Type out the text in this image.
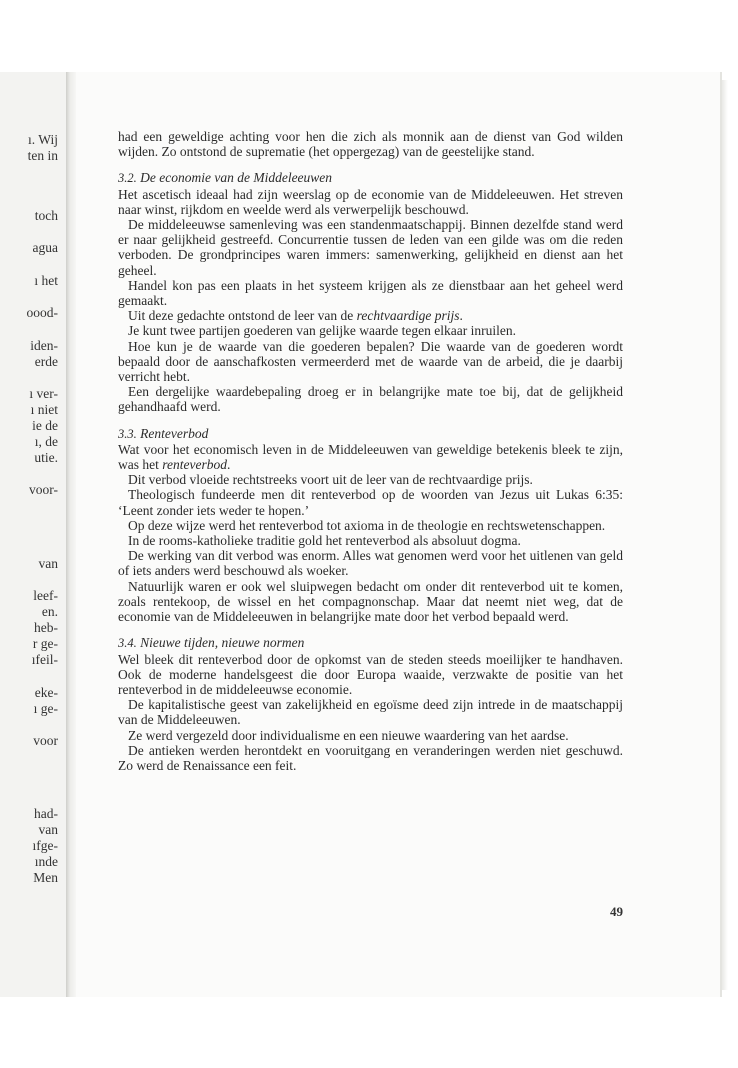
ı. Wij
ten in
toch
agua
ı het
oood-
iden-
erde
ı ver-
ı niet
ie de
ı, de
utie.
voor-
van
leef-
en.
heb-
r ge-
ıfeil-
eke-
ı ge-
voor
had-
van
ıfge-
ınde
Men

had een geweldige achting voor hen die zich als monnik aan de dienst van God wilden wijden. Zo ontstond de suprematie (het oppergezag) van de geestelijke stand.

3.2. De economie van de Middeleeuwen

Het ascetisch ideaal had zijn weerslag op de economie van de Middeleeuwen. Het streven naar winst, rijkdom en weelde werd als verwerpelijk beschouwd.

De middeleeuwse samenleving was een standenmaatschappij. Binnen dezelfde stand werd er naar gelijkheid gestreefd. Concurrentie tussen de leden van een gilde was om die reden verboden. De grondprincipes waren immers: samenwerking, gelijkheid en dienst aan het geheel.

Handel kon pas een plaats in het systeem krijgen als ze dienstbaar aan het geheel werd gemaakt.

Uit deze gedachte ontstond de leer van de rechtvaardige prijs.

Je kunt twee partijen goederen van gelijke waarde tegen elkaar inruilen.

Hoe kun je de waarde van die goederen bepalen? Die waarde van de goederen wordt bepaald door de aanschafkosten vermeerderd met de waarde van de arbeid, die je daarbij verricht hebt.

Een dergelijke waardebepaling droeg er in belangrijke mate toe bij, dat de gelijkheid gehandhaafd werd.

3.3. Renteverbod

Wat voor het economisch leven in de Middeleeuwen van geweldige betekenis bleek te zijn, was het renteverbod.

Dit verbod vloeide rechtstreeks voort uit de leer van de rechtvaardige prijs.

Theologisch fundeerde men dit renteverbod op de woorden van Jezus uit Lukas 6:35: ‘Leent zonder iets weder te hopen.’

Op deze wijze werd het renteverbod tot axioma in de theologie en rechtswetenschappen.

In de rooms-katholieke traditie gold het renteverbod als absoluut dogma.

De werking van dit verbod was enorm. Alles wat genomen werd voor het uitlenen van geld of iets anders werd beschouwd als woeker.

Natuurlijk waren er ook wel sluipwegen bedacht om onder dit renteverbod uit te komen, zoals rentekoop, de wissel en het compagnonschap. Maar dat neemt niet weg, dat de economie van de Middeleeuwen in belangrijke mate door het verbod bepaald werd.

3.4. Nieuwe tijden, nieuwe normen

Wel bleek dit renteverbod door de opkomst van de steden steeds moeilijker te handhaven. Ook de moderne handelsgeest die door Europa waaide, verzwakte de positie van het renteverbod in de middeleeuwse economie.

De kapitalistische geest van zakelijkheid en egoïsme deed zijn intrede in de maatschappij van de Middeleeuwen.

Ze werd vergezeld door individualisme en een nieuwe waardering van het aardse.

De antieken werden herontdekt en vooruitgang en veranderingen werden niet geschuwd. Zo werd de Renaissance een feit.

49
